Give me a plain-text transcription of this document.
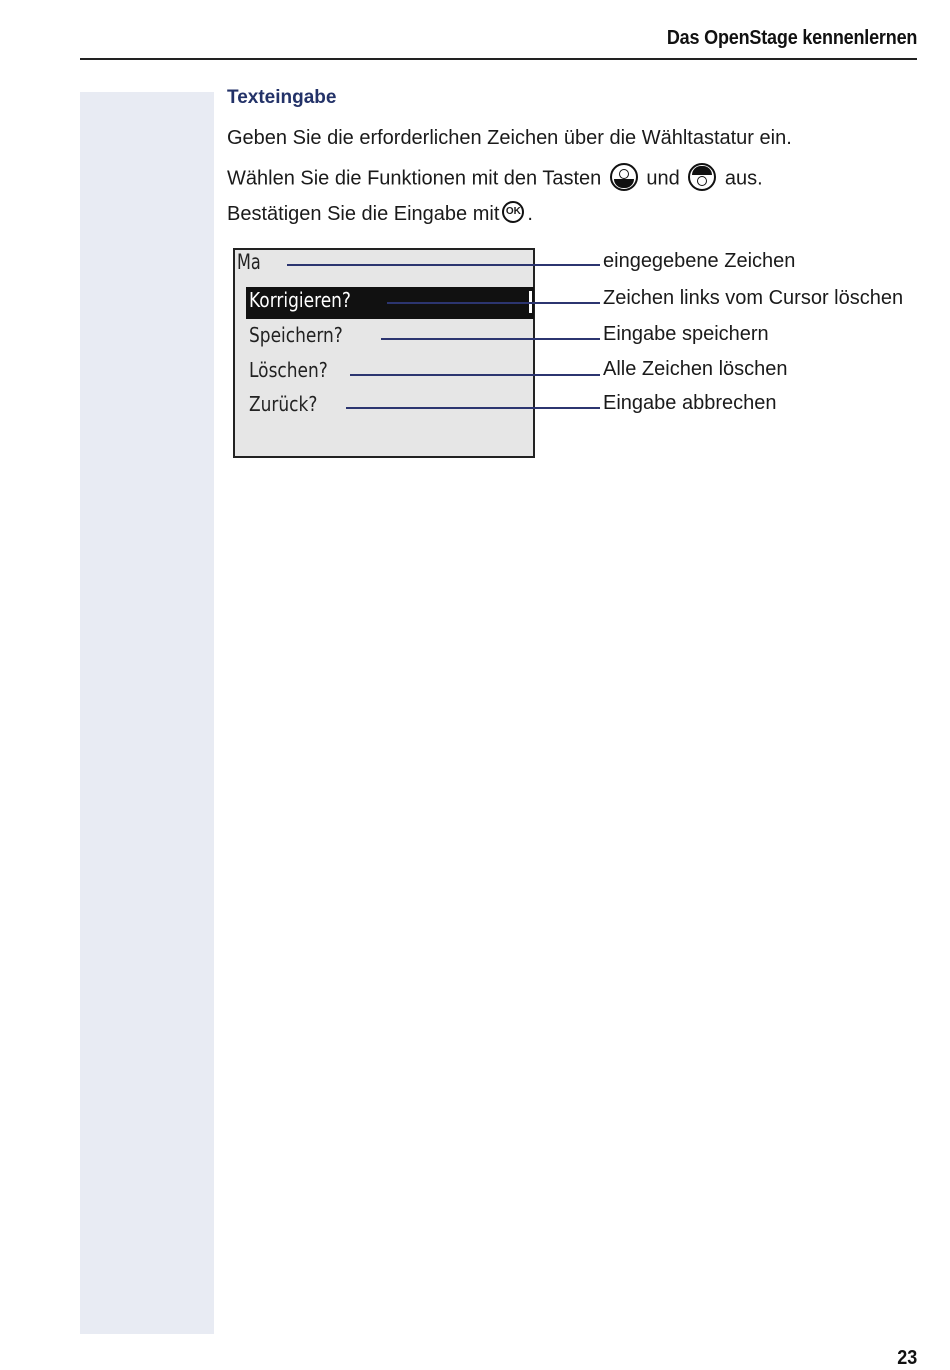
Das OpenStage kennenlernen
Texteingabe
Geben Sie die erforderlichen Zeichen über die Wähltastatur ein.
Wählen Sie die Funktionen mit den Tasten und aus.
Bestätigen Sie die Eingabe mit OK .
Ma
Korrigieren?
Speichern?
Löschen?
Zurück?
eingegebene Zeichen
Zeichen links vom Cursor löschen
Eingabe speichern
Alle Zeichen löschen
Eingabe abbrechen
23
